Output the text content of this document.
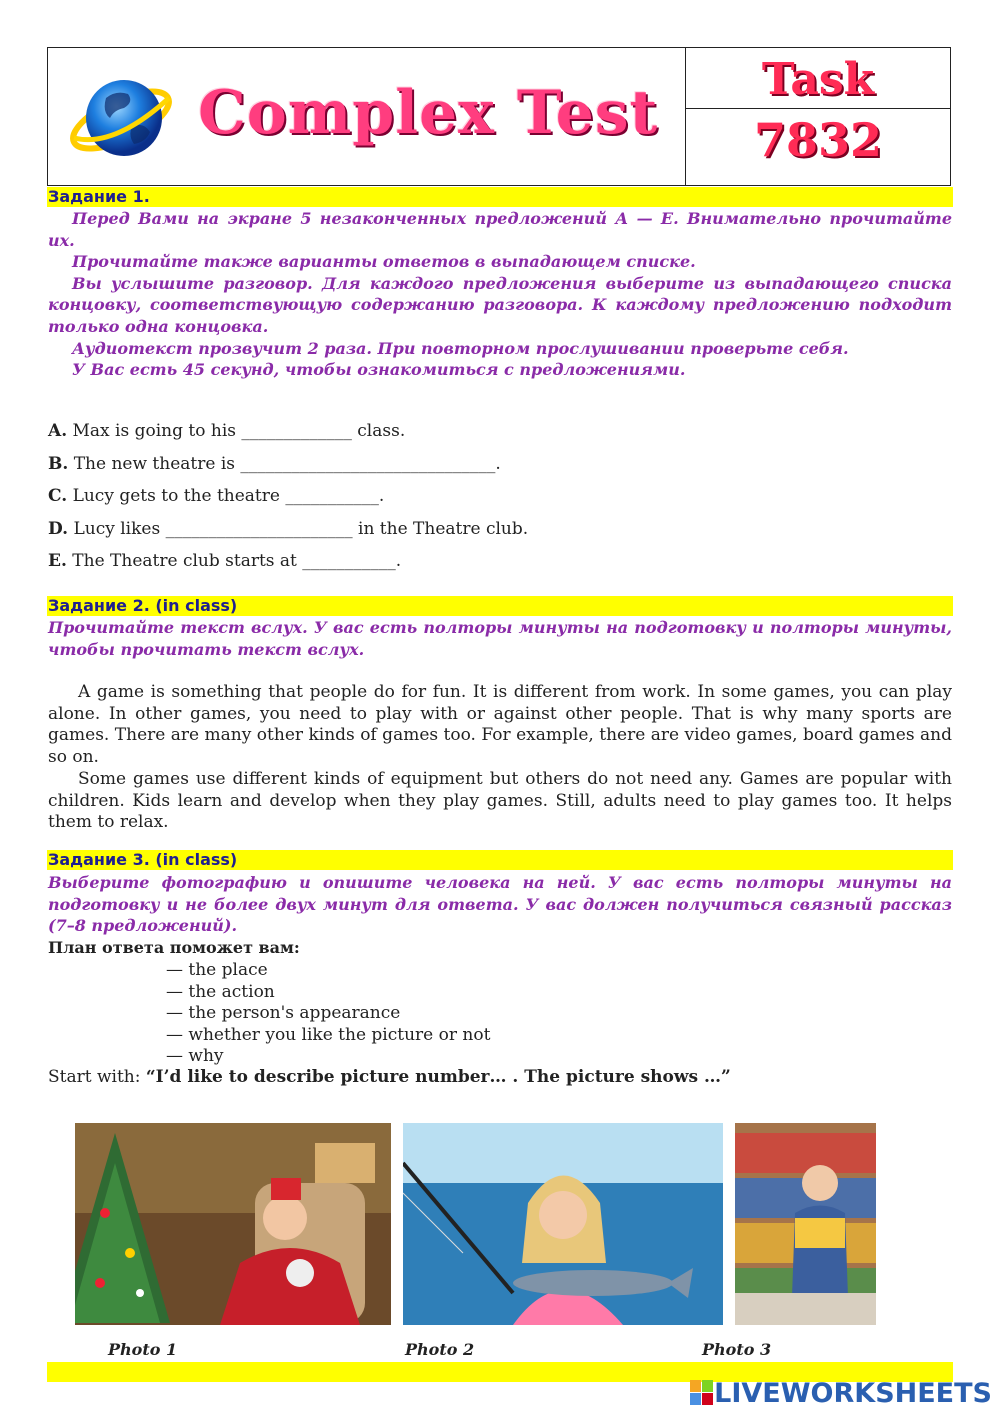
Complex Test	Task
7832
Задание 1.

Перед Вами на экране 5 незаконченных предложений А — Е. Внимательно прочитайте их.

Прочитайте также варианты ответов в выпадающем списке.

Вы услышите разговор. Для каждого предложения выберите из выпадающего списка концовку, соответствующую содержанию разговора. К каждому предложению подходит только одна концовка.

Аудиотекст прозвучит 2 раза. При повторном прослушивании проверьте себя.

У Вас есть 45 секунд, чтобы ознакомиться с предложениями.

A. Max is going to his _____________ class.
B. The new theatre is ______________________________.
C. Lucy gets to the theatre ___________.
D. Lucy likes ______________________ in the Theatre club.
E. The Theatre club starts at ___________.
Задание 2. (in class)
Прочитайте текст вслух. У вас есть полторы минуты на подготовку и полторы минуты, чтобы прочитать текст вслух.

A game is something that people do for fun. It is different from work. In some games, you can play alone. In other games, you need to play with or against other people. That is why many sports are games. There are many other kinds of games too. For example, there are video games, board games and so on.

Some games use different kinds of equipment but others do not need any. Games are popular with children. Kids learn and develop when they play games. Still, adults need to play games too. It helps them to relax.

Задание 3. (in class)
Выберите фотографию и опишите человека на ней. У вас есть полторы минуты на подготовку и не более двух минут для ответа. У вас должен получиться связный рассказ (7–8 предложений).
План ответа поможет вам:
— the place
— the action
— the person's appearance
— whether you like the picture or not
— why
Start with: “I’d like to describe picture number… . The picture shows …”
Photo 1	Photo 2	Photo 3
LIVEWORKSHEETS
